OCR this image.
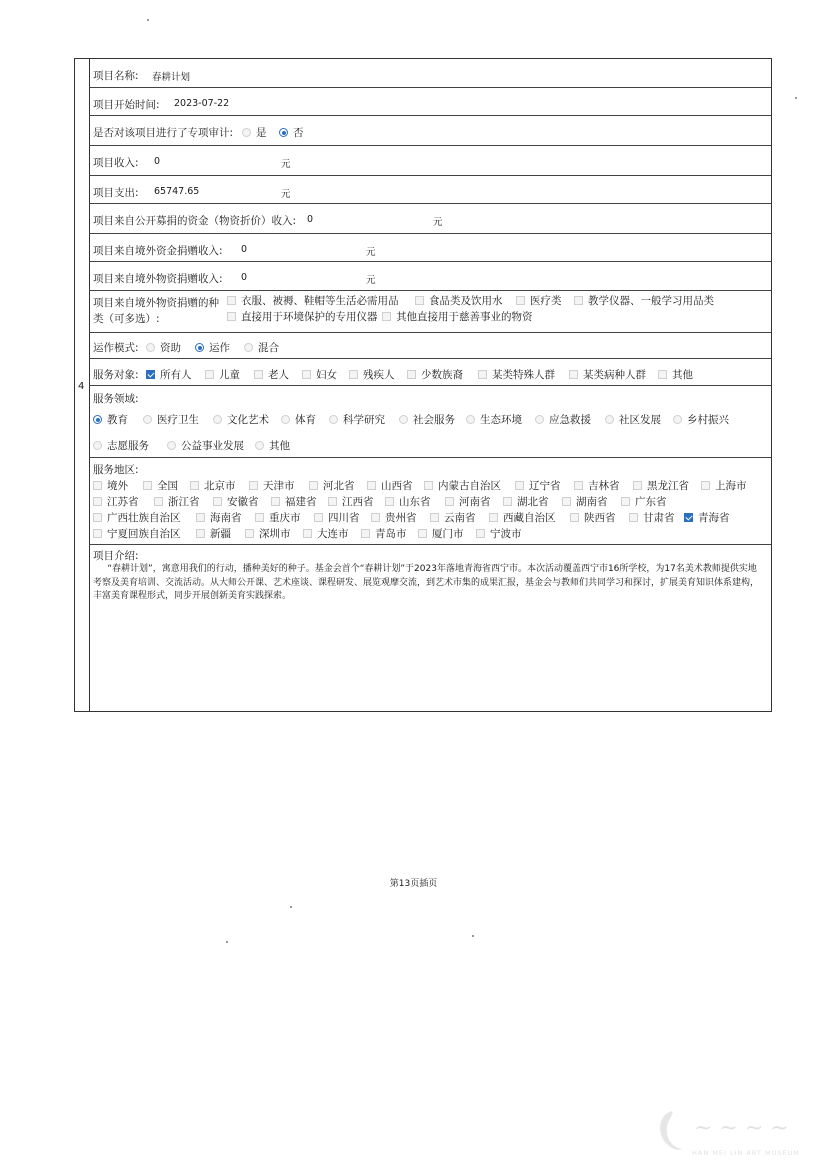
4
项目名称: 春耕计划
项目开始时间: 2023-07-22
是否对该项目进行了专项审计: 是	否
项目收入: 0	元
项目支出: 65747.65	元
项目来自公开募捐的资金（物资折价）收入: 0	元
项目来自境外资金捐赠收入: 0	元
项目来自境外物资捐赠收入: 0	元
项目来自境外物资捐赠的种
类（可多选）:
衣服、被褥、鞋帽等生活必需用品	食品类及饮用水	医疗类	教学仪器、一般学习用品类
直接用于环境保护的专用仪器 其他直接用于慈善事业的物资
运作模式: 资助	运作	混合
服务对象: 所有人	儿童	老人	妇女 残疾人	少数族裔	某类特殊人群	某类病种人群 其他
服务领域:
教育	医疗卫生	文化艺术 体育	科学研究	社会服务 生态环境	应急救援	社区发展 乡村振兴
志愿服务	公益事业发展 其他
服务地区:
境外	全国 北京市	天津市	河北省	山西省 内蒙古自治区	辽宁省	吉林省	黑龙江省 上海市
江苏省	浙江省	安徽省	福建省 江西省 山东省	河南省	湖北省	湖南省	广东省
广西壮族自治区	海南省	重庆市	四川省 贵州省	云南省	西藏自治区	陕西省	甘肃省 青海省
宁夏回族自治区	新疆	深圳市	大连市	青岛市 厦门市	宁波市
项目介绍:
“春耕计划”，寓意用我们的行动，播种美好的种子。基金会首个“春耕计划”于2023年落地青海省西宁市。本次活动覆盖西宁市16所学校，为17名美术教师提供实地考察及美育培训、交流活动。从大师公开课、艺术座谈、课程研发、展览观摩交流，到艺术市集的成果汇报，基金会与教师们共同学习和探讨，扩展美育知识体系建构，丰富美育课程形式，同步开展创新美育实践探索。
第13页插页
~ ~ ~ ~
HAN MEI LIN ART MUSEUM
